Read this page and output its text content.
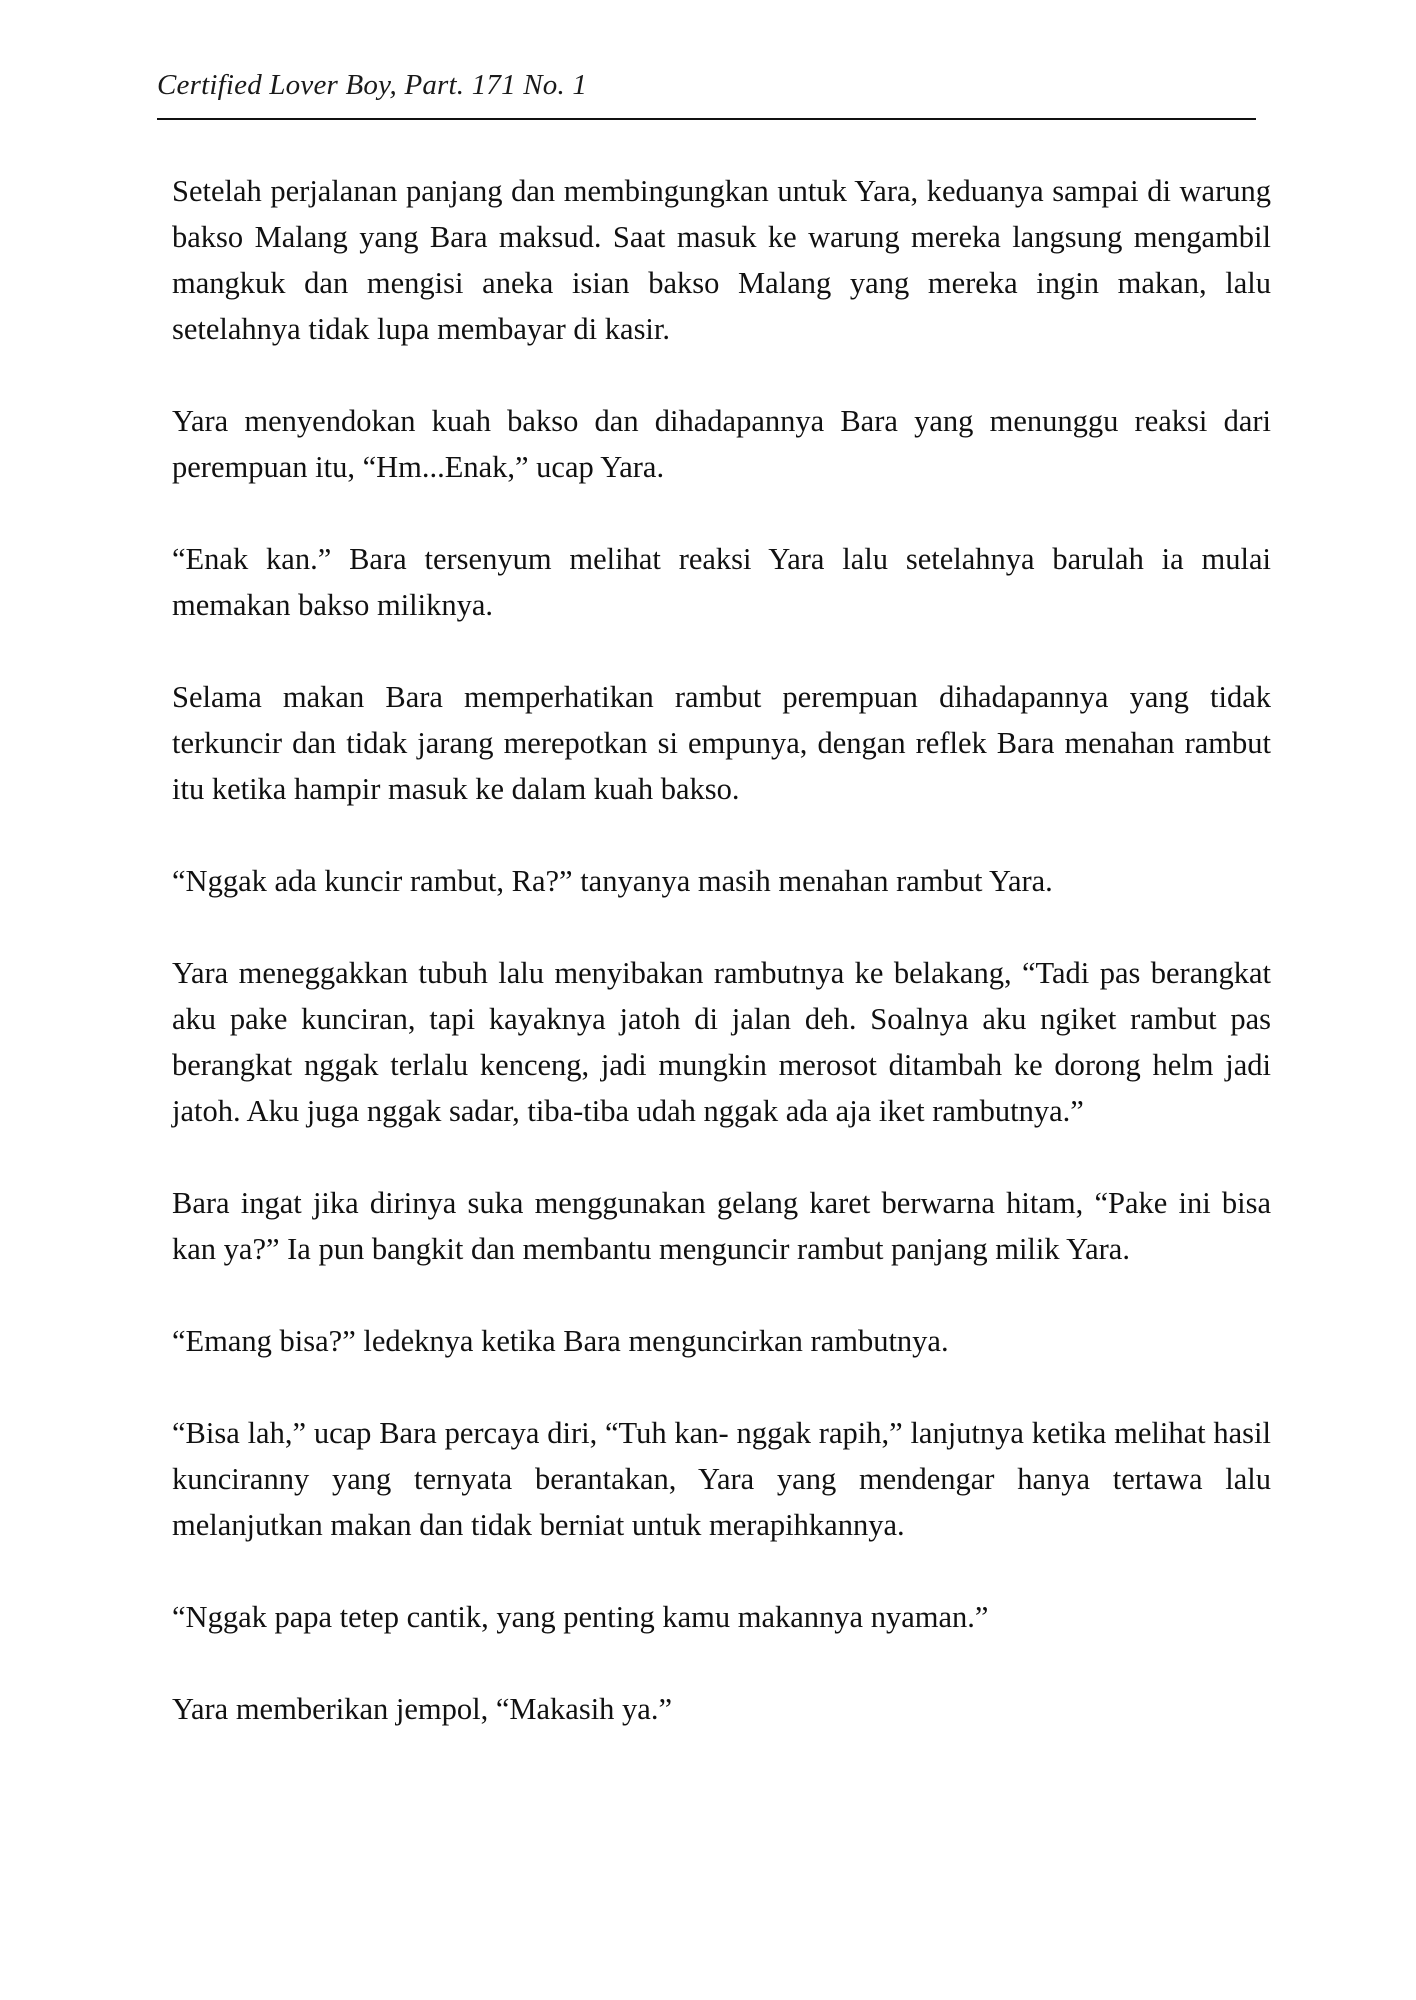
Certified Lover Boy, Part. 171 No. 1

Setelah perjalanan panjang dan membingungkan untuk Yara, keduanya sampai di warung bakso Malang yang Bara maksud. Saat masuk ke warung mereka langsung mengambil mangkuk dan mengisi aneka isian bakso Malang yang mereka ingin makan, lalu setelahnya tidak lupa membayar di kasir.

Yara menyendokan kuah bakso dan dihadapannya Bara yang menunggu reaksi dari perempuan itu, “Hm...Enak,” ucap Yara.

“Enak kan.” Bara tersenyum melihat reaksi Yara lalu setelahnya barulah ia mulai memakan bakso miliknya.

Selama makan Bara memperhatikan rambut perempuan dihadapannya yang tidak terkuncir dan tidak jarang merepotkan si empunya, dengan reflek Bara menahan rambut itu ketika hampir masuk ke dalam kuah bakso.

“Nggak ada kuncir rambut, Ra?” tanyanya masih menahan rambut Yara.

Yara meneggakkan tubuh lalu menyibakan rambutnya ke belakang, “Tadi pas berangkat aku pake kunciran, tapi kayaknya jatoh di jalan deh. Soalnya aku ngiket rambut pas berangkat nggak terlalu kenceng, jadi mungkin merosot ditambah ke dorong helm jadi jatoh. Aku juga nggak sadar, tiba-tiba udah nggak ada aja iket rambutnya.”

Bara ingat jika dirinya suka menggunakan gelang karet berwarna hitam, “Pake ini bisa kan ya?” Ia pun bangkit dan membantu menguncir rambut panjang milik Yara.

“Emang bisa?” ledeknya ketika Bara menguncirkan rambutnya.

“Bisa lah,” ucap Bara percaya diri, “Tuh kan- nggak rapih,” lanjutnya ketika melihat hasil kunciranny yang ternyata berantakan, Yara yang mendengar hanya tertawa lalu melanjutkan makan dan tidak berniat untuk merapihkannya.

“Nggak papa tetep cantik, yang penting kamu makannya nyaman.”

Yara memberikan jempol, “Makasih ya.”
